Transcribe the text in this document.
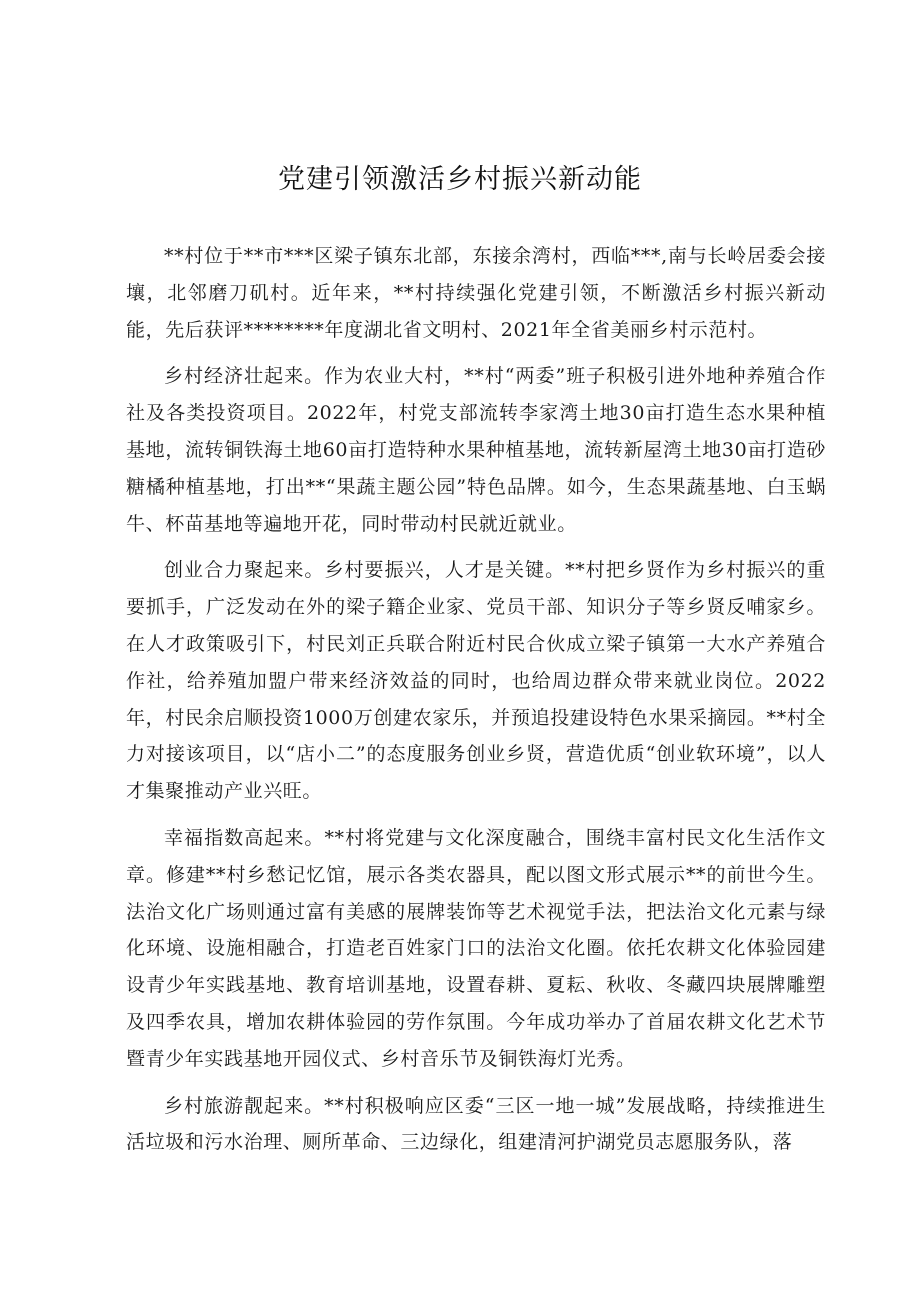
党建引领激活乡村振兴新动能

**村位于**市***区梁子镇东北部，东接余湾村，西临***,南与长岭居委会接壤，北邻磨刀矶村。近年来，**村持续强化党建引领，不断激活乡村振兴新动能，先后获评********年度湖北省文明村、2021年全省美丽乡村示范村。

乡村经济壮起来。作为农业大村，**村“两委”班子积极引进外地种养殖合作社及各类投资项目。2022年，村党支部流转李家湾土地30亩打造生态水果种植基地，流转铜铁海土地60亩打造特种水果种植基地，流转新屋湾土地30亩打造砂糖橘种植基地，打出**“果蔬主题公园”特色品牌。如今，生态果蔬基地、白玉蜗牛、杯苗基地等遍地开花，同时带动村民就近就业。

创业合力聚起来。乡村要振兴，人才是关键。**村把乡贤作为乡村振兴的重要抓手，广泛发动在外的梁子籍企业家、党员干部、知识分子等乡贤反哺家乡。在人才政策吸引下，村民刘正兵联合附近村民合伙成立梁子镇第一大水产养殖合作社，给养殖加盟户带来经济效益的同时，也给周边群众带来就业岗位。2022年，村民余启顺投资1000万创建农家乐，并预追投建设特色水果采摘园。**村全力对接该项目，以“店小二”的态度服务创业乡贤，营造优质“创业软环境”，以人才集聚推动产业兴旺。

幸福指数高起来。**村将党建与文化深度融合，围绕丰富村民文化生活作文章。修建**村乡愁记忆馆，展示各类农器具，配以图文形式展示**的前世今生。法治文化广场则通过富有美感的展牌装饰等艺术视觉手法，把法治文化元素与绿化环境、设施相融合，打造老百姓家门口的法治文化圈。依托农耕文化体验园建设青少年实践基地、教育培训基地，设置春耕、夏耘、秋收、冬藏四块展牌雕塑及四季农具，增加农耕体验园的劳作氛围。今年成功举办了首届农耕文化艺术节暨青少年实践基地开园仪式、乡村音乐节及铜铁海灯光秀。

乡村旅游靓起来。**村积极响应区委“三区一地一城”发展战略，持续推进生活垃圾和污水治理、厕所革命、三边绿化，组建清河护湖党员志愿服务队，落
